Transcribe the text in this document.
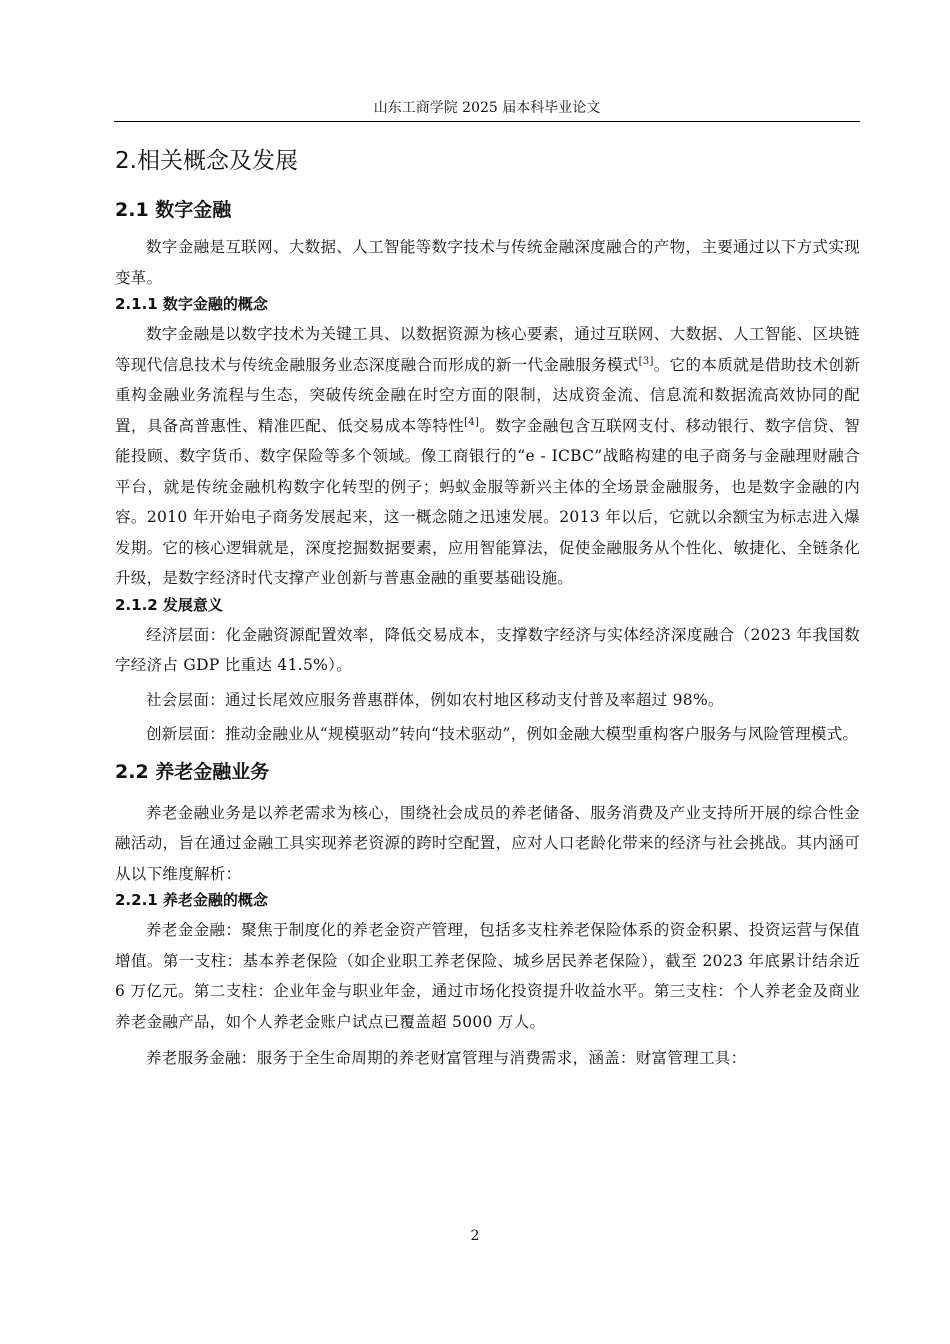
山东工商学院 2025 届本科毕业论文
2.相关概念及发展
2.1 数字金融

数字金融是互联网、大数据、人工智能等数字技术与传统金融深度融合的产物，主要通过以下方式实现变革。

2.1.1 数字金融的概念

数字金融是以数字技术为关键工具、以数据资源为核心要素，通过互联网、大数据、人工智能、区块链等现代信息技术与传统金融服务业态深度融合而形成的新一代金融服务模式[3]。它的本质就是借助技术创新重构金融业务流程与生态，突破传统金融在时空方面的限制，达成资金流、信息流和数据流高效协同的配置，具备高普惠性、精准匹配、低交易成本等特性[4]。数字金融包含互联网支付、移动银行、数字信贷、智能投顾、数字货币、数字保险等多个领域。像工商银行的“e - ICBC”战略构建的电子商务与金融理财融合平台，就是传统金融机构数字化转型的例子；蚂蚁金服等新兴主体的全场景金融服务，也是数字金融的内容。2010 年开始电子商务发展起来，这一概念随之迅速发展。2013 年以后，它就以余额宝为标志进入爆发期。它的核心逻辑就是，深度挖掘数据要素，应用智能算法，促使金融服务从个性化、敏捷化、全链条化升级，是数字经济时代支撑产业创新与普惠金融的重要基础设施。

2.1.2 发展意义

经济层面：化金融资源配置效率，降低交易成本，支撑数字经济与实体经济深度融合（2023 年我国数字经济占 GDP 比重达 41.5%）。

社会层面：通过长尾效应服务普惠群体，例如农村地区移动支付普及率超过 98%。

创新层面：推动金融业从“规模驱动”转向“技术驱动”，例如金融大模型重构客户服务与风险管理模式。

2.2 养老金融业务

养老金融业务是以养老需求为核心，围绕社会成员的养老储备、服务消费及产业支持所开展的综合性金融活动，旨在通过金融工具实现养老资源的跨时空配置，应对人口老龄化带来的经济与社会挑战。其内涵可从以下维度解析：

2.2.1 养老金融的概念

养老金金融：聚焦于制度化的养老金资产管理，包括多支柱养老保险体系的资金积累、投资运营与保值增值。第一支柱：基本养老保险（如企业职工养老保险、城乡居民养老保险），截至 2023 年底累计结余近 6 万亿元。第二支柱：企业年金与职业年金，通过市场化投资提升收益水平。第三支柱：个人养老金及商业养老金融产品，如个人养老金账户试点已覆盖超 5000 万人。

养老服务金融：服务于全生命周期的养老财富管理与消费需求，涵盖：财富管理工具：

2
